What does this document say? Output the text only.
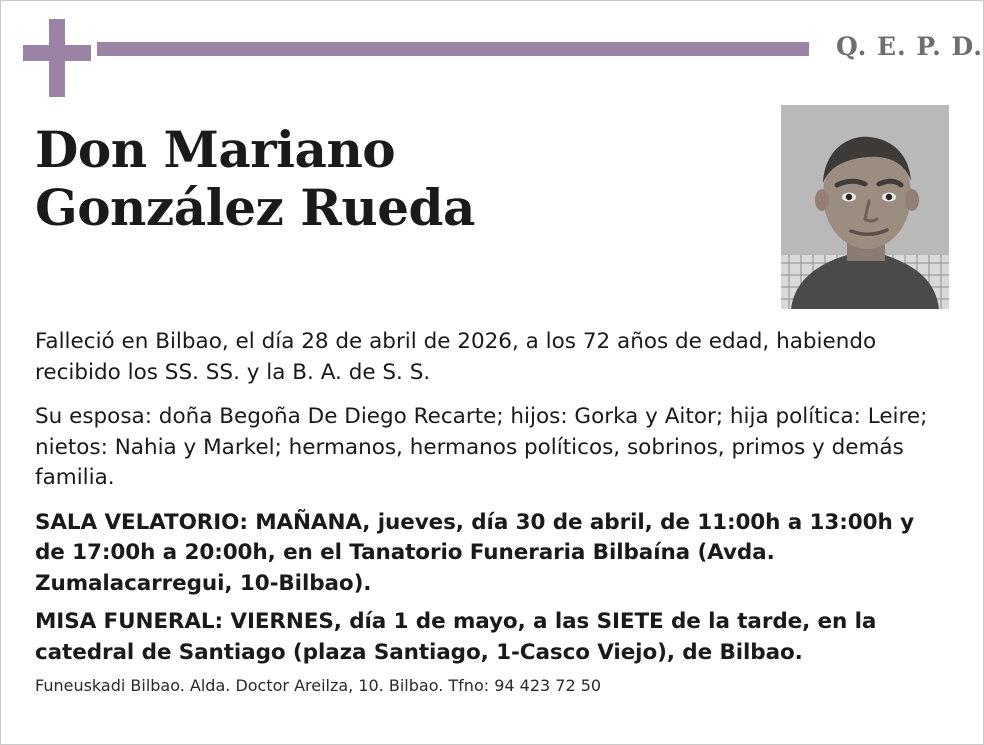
Q. E. P. D.
Don Mariano
González Rueda

Falleció en Bilbao, el día 28 de abril de 2026, a los 72 años de edad, habiendo recibido los SS. SS. y la B. A. de S. S.

Su esposa: doña Begoña De Diego Recarte; hijos: Gorka y Aitor; hija política: Leire; nietos: Nahia y Markel; hermanos, hermanos políticos, sobrinos, primos y demás familia.

SALA VELATORIO: MAÑANA, jueves, día 30 de abril, de 11:00h a 13:00h y de 17:00h a 20:00h, en el Tanatorio Funeraria Bilbaína (Avda. Zumalacarregui, 10-Bilbao).

MISA FUNERAL: VIERNES, día 1 de mayo, a las SIETE de la tarde, en la catedral de Santiago (plaza Santiago, 1-Casco Viejo), de Bilbao.

Funeuskadi Bilbao. Alda. Doctor Areilza, 10. Bilbao. Tfno: 94 423 72 50
